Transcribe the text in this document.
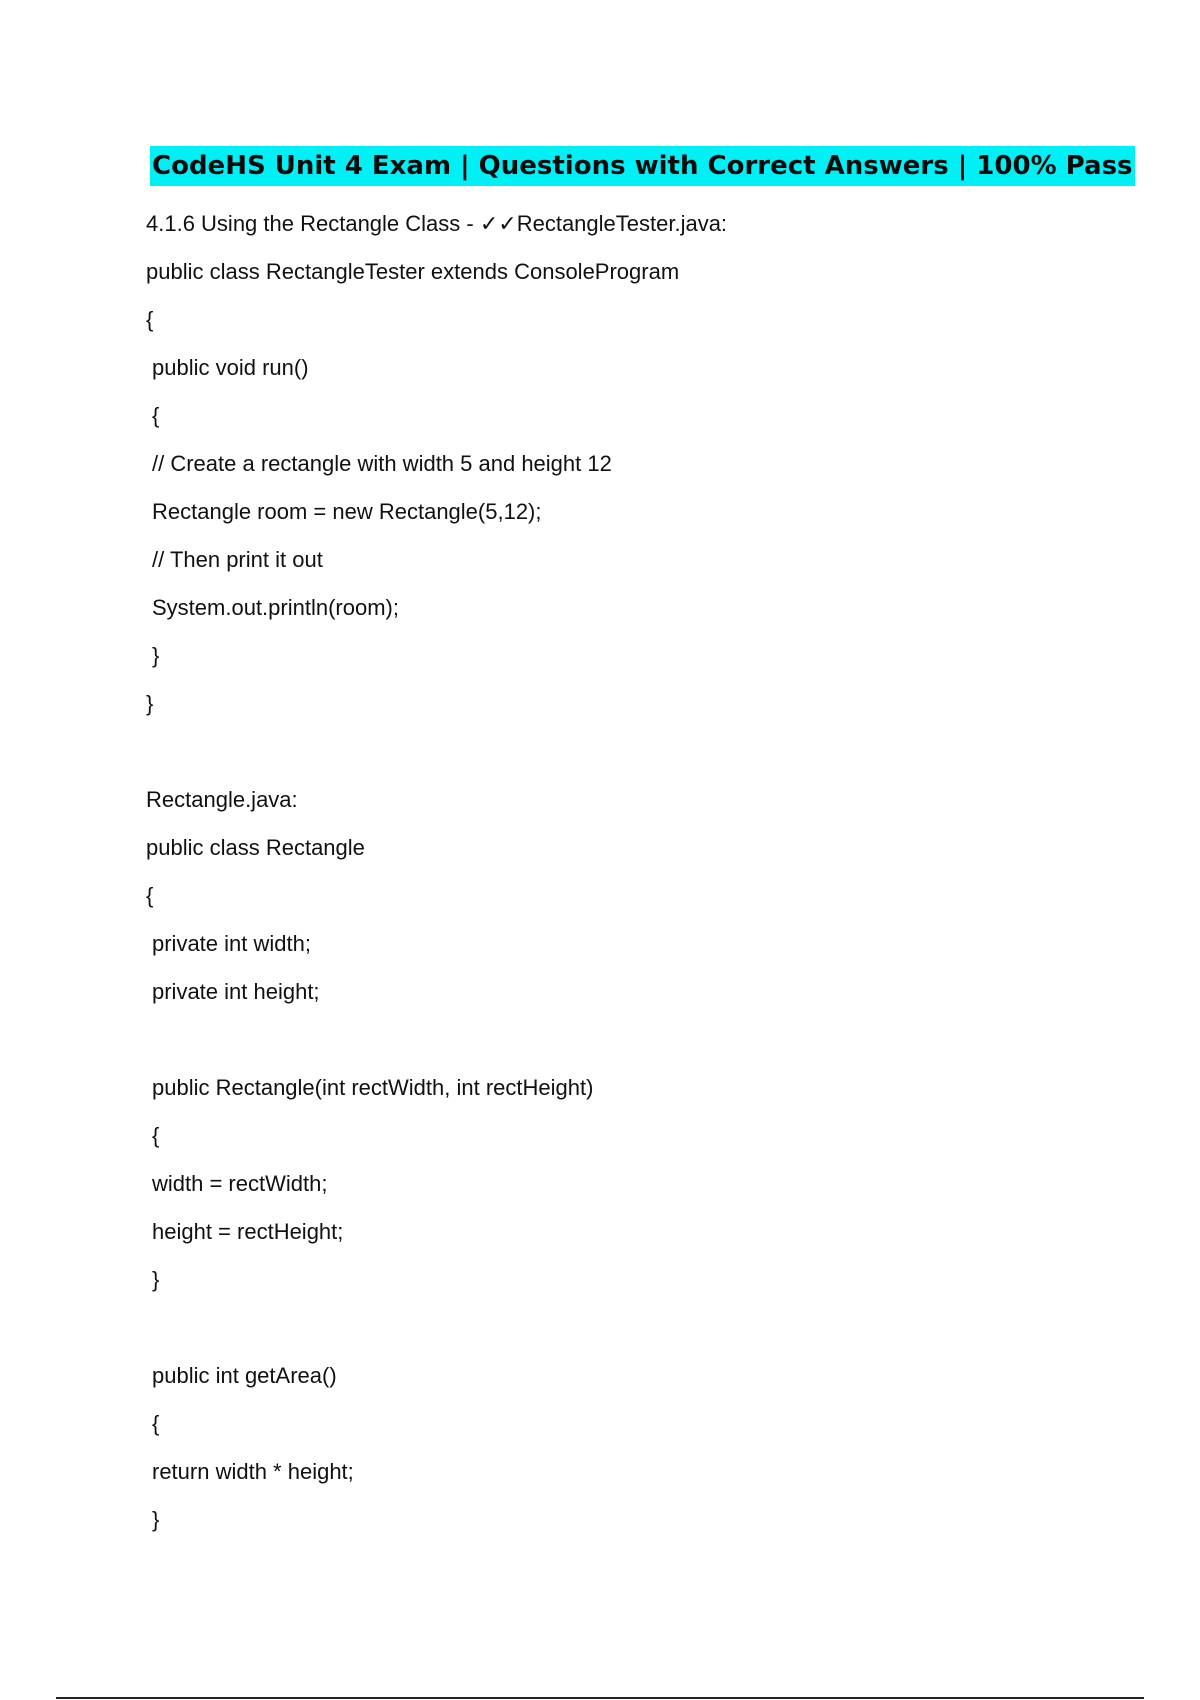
CodeHS Unit 4 Exam | Questions with Correct Answers | 100% Pass
4.1.6 Using the Rectangle Class - ✓✓RectangleTester.java:
public class RectangleTester extends ConsoleProgram
{
public void run()
{
// Create a rectangle with width 5 and height 12
Rectangle room = new Rectangle(5,12);
// Then print it out
System.out.println(room);
}
}
Rectangle.java:
public class Rectangle
{
private int width;
private int height;
public Rectangle(int rectWidth, int rectHeight)
{
width = rectWidth;
height = rectHeight;
}
public int getArea()
{
return width * height;
}
